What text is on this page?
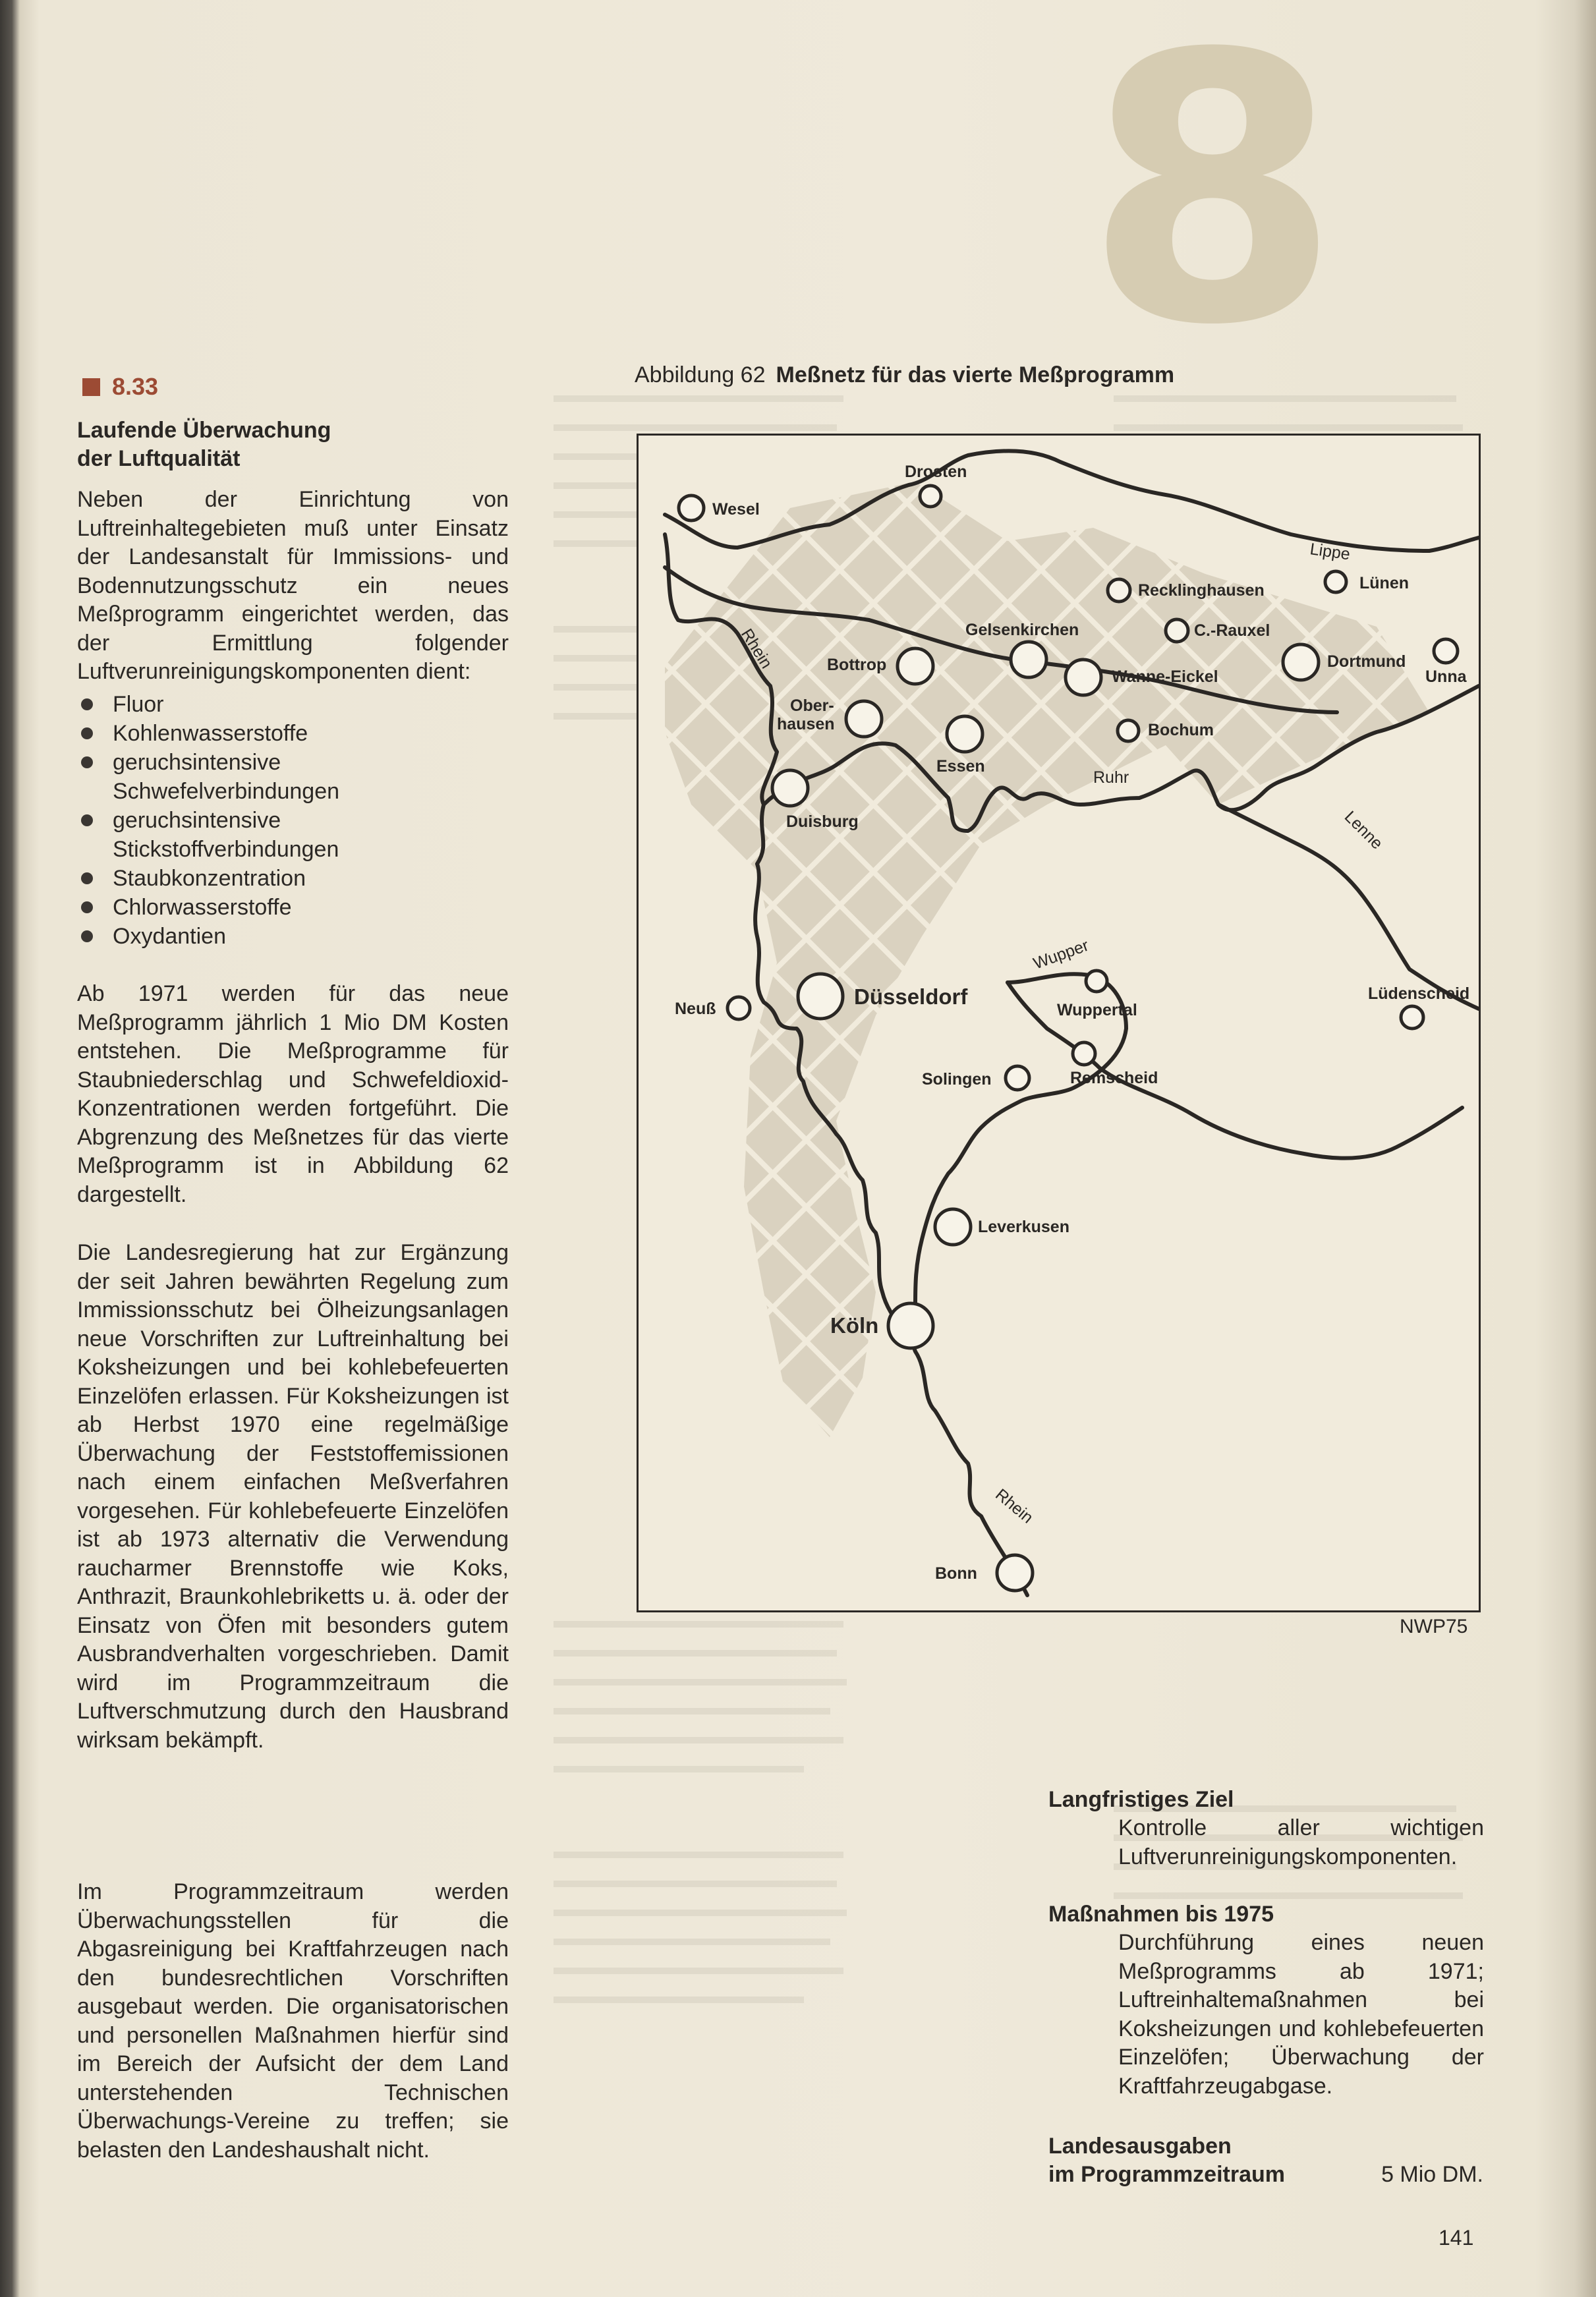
8
8.33
Laufende Überwachung
der Luftqualität

Neben der Einrichtung von Luftreinhaltegebieten muß unter Einsatz der Landesanstalt für Immissions- und Bodennutzungsschutz ein neues Meßprogramm eingerichtet werden, das der Ermittlung folgender Luftverunreinigungskomponenten dient:

Fluor
Kohlenwasserstoffe
geruchsintensive Schwefelverbindungen
geruchsintensive Stickstoffverbindungen
Staubkonzentration
Chlorwasserstoffe
Oxydantien

Ab 1971 werden für das neue Meßprogramm jährlich 1 Mio DM Kosten entstehen. Die Meßprogramme für Staubniederschlag und Schwefeldioxid-Konzentrationen werden fortgeführt. Die Abgrenzung des Meßnetzes für das vierte Meßprogramm ist in Abbildung 62 dargestellt.

Die Landesregierung hat zur Ergänzung der seit Jahren bewährten Regelung zum Immissionsschutz bei Ölheizungsanlagen neue Vorschriften zur Luftreinhaltung bei Koksheizungen und bei kohlebefeuerten Einzelöfen erlassen. Für Koksheizungen ist ab Herbst 1970 eine regelmäßige Überwachung der Feststoffemissionen nach einem einfachen Meßverfahren vorgesehen. Für kohlebefeuerte Einzelöfen ist ab 1973 alternativ die Verwendung raucharmer Brennstoffe wie Koks, Anthrazit, Braunkohlebriketts u. ä. oder der Einsatz von Öfen mit besonders gutem Ausbrandverhalten vorgeschrieben. Damit wird im Programmzeitraum die Luftverschmutzung durch den Hausbrand wirksam bekämpft.

Im Programmzeitraum werden Überwachungsstellen für die Abgasreinigung bei Kraftfahrzeugen nach den bundesrechtlichen Vorschriften ausgebaut werden. Die organisatorischen und personellen Maßnahmen hierfür sind im Bereich der Aufsicht der dem Land unterstehenden Technischen Überwachungs-Vereine zu treffen; sie belasten den Landeshaushalt nicht.

Abbildung 62 Meßnetz für das vierte Meßprogramm
Wesel
Drosten
Lünen
Recklinghausen
Gelsenkirchen	C.-Rauxel
Dortmund
Unna
Bottrop
Wanne-Eickel
Ober-
hausen
Essen
Bochum
Duisburg
Düsseldorf
Neuß	Wuppertal
Lüdenscheid
Remscheid
Solingen
Leverkusen
Köln
Bonn
Lippe
Rhein
Ruhr
Lenne
Wupper
Rhein
NWP75
Langfristiges Ziel
Kontrolle aller wichtigen Luftverunreinigungskomponenten.
Maßnahmen bis 1975
Durchführung eines neuen Meßprogramms ab 1971; Luftreinhaltemaßnahmen bei Koksheizungen und kohlebefeuerten Einzelöfen; Überwachung der Kraftfahrzeugabgase.
Landesausgaben
im Programmzeitraum	5 Mio DM.
141
